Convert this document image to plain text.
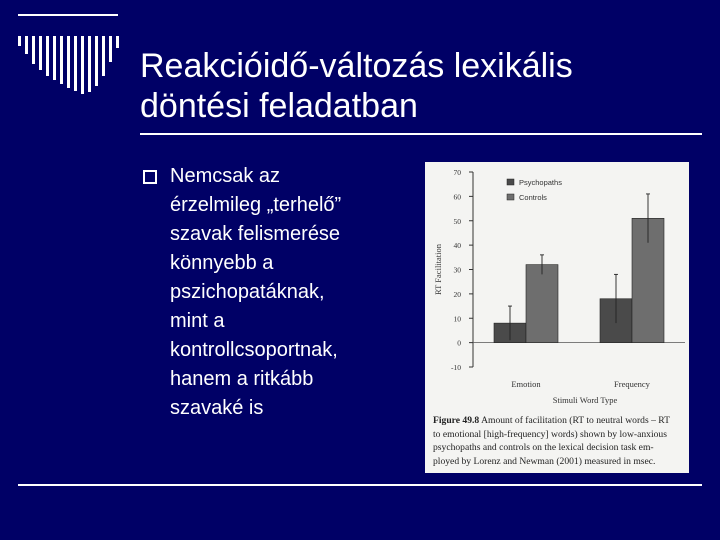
Reakcióidő-változás lexikális
döntési feladatban
Nemcsak az
érzelmileg „terhelő”
szavak felismerése
könnyebb a
pszichopatáknak,
mint a
kontrollcsoportnak,
hanem a ritkább
szavaké is
-10
0
10
20
30
40
50
60
70
RT Facilitation
Emotion	Frequency
Stimuli Word Type
Psychopaths
Controls
Figure 49.8 Amount of facilitation (RT to neutral words – RT
to emotional [high-frequency] words) shown by low-anxious
psychopaths and controls on the lexical decision task em-
ployed by Lorenz and Newman (2001) measured in msec.
